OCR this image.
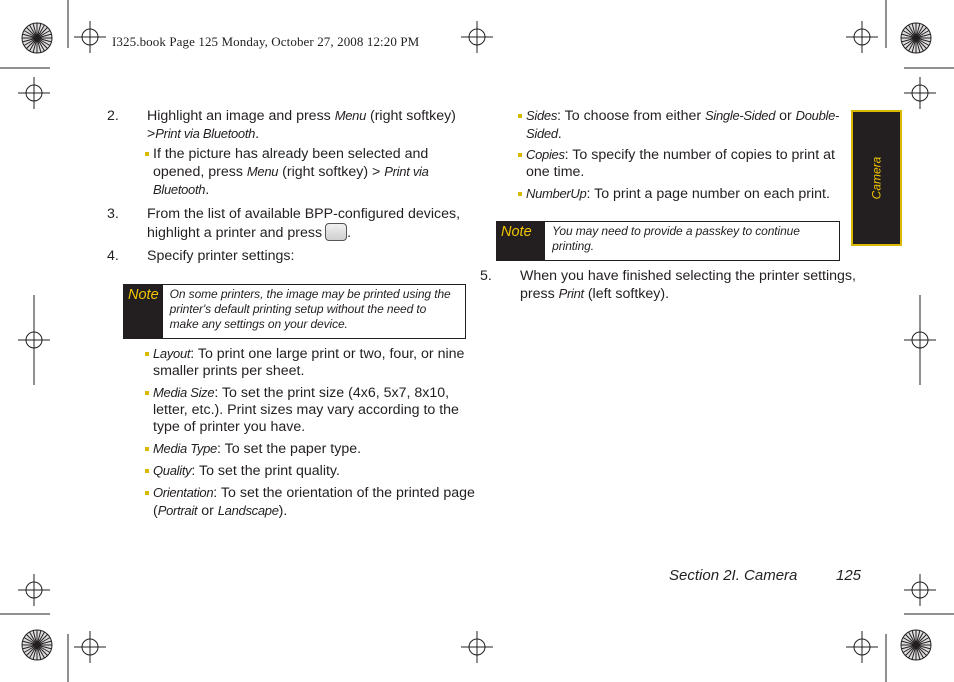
I325.book Page 125 Monday, October 27, 2008 12:20 PM
2. Highlight an image and press Menu (right softkey) >Print via Bluetooth.
If the picture has already been selected and opened, press Menu (right softkey) > Print via Bluetooth.
3. From the list of available BPP-configured devices, highlight a printer and press .
4. Specify printer settings:
Note On some printers, the image may be printed using the printer's default printing setup without the need to make any settings on your device.
Layout: To print one large print or two, four, or nine smaller prints per sheet.
Media Size: To set the print size (4x6, 5x7, 8x10, letter, etc.). Print sizes may vary according to the type of printer you have.
Media Type: To set the paper type.
Quality: To set the print quality.
Orientation: To set the orientation of the printed page (Portrait or Landscape).
Sides: To choose from either Single-Sided or Double-Sided.
Copies: To specify the number of copies to print at one time.
NumberUp: To print a page number on each print.
Note	You may need to provide a passkey to continue printing.
5. When you have finished selecting the printer settings, press Print (left softkey).
Camera
Section 2I. Camera	125
